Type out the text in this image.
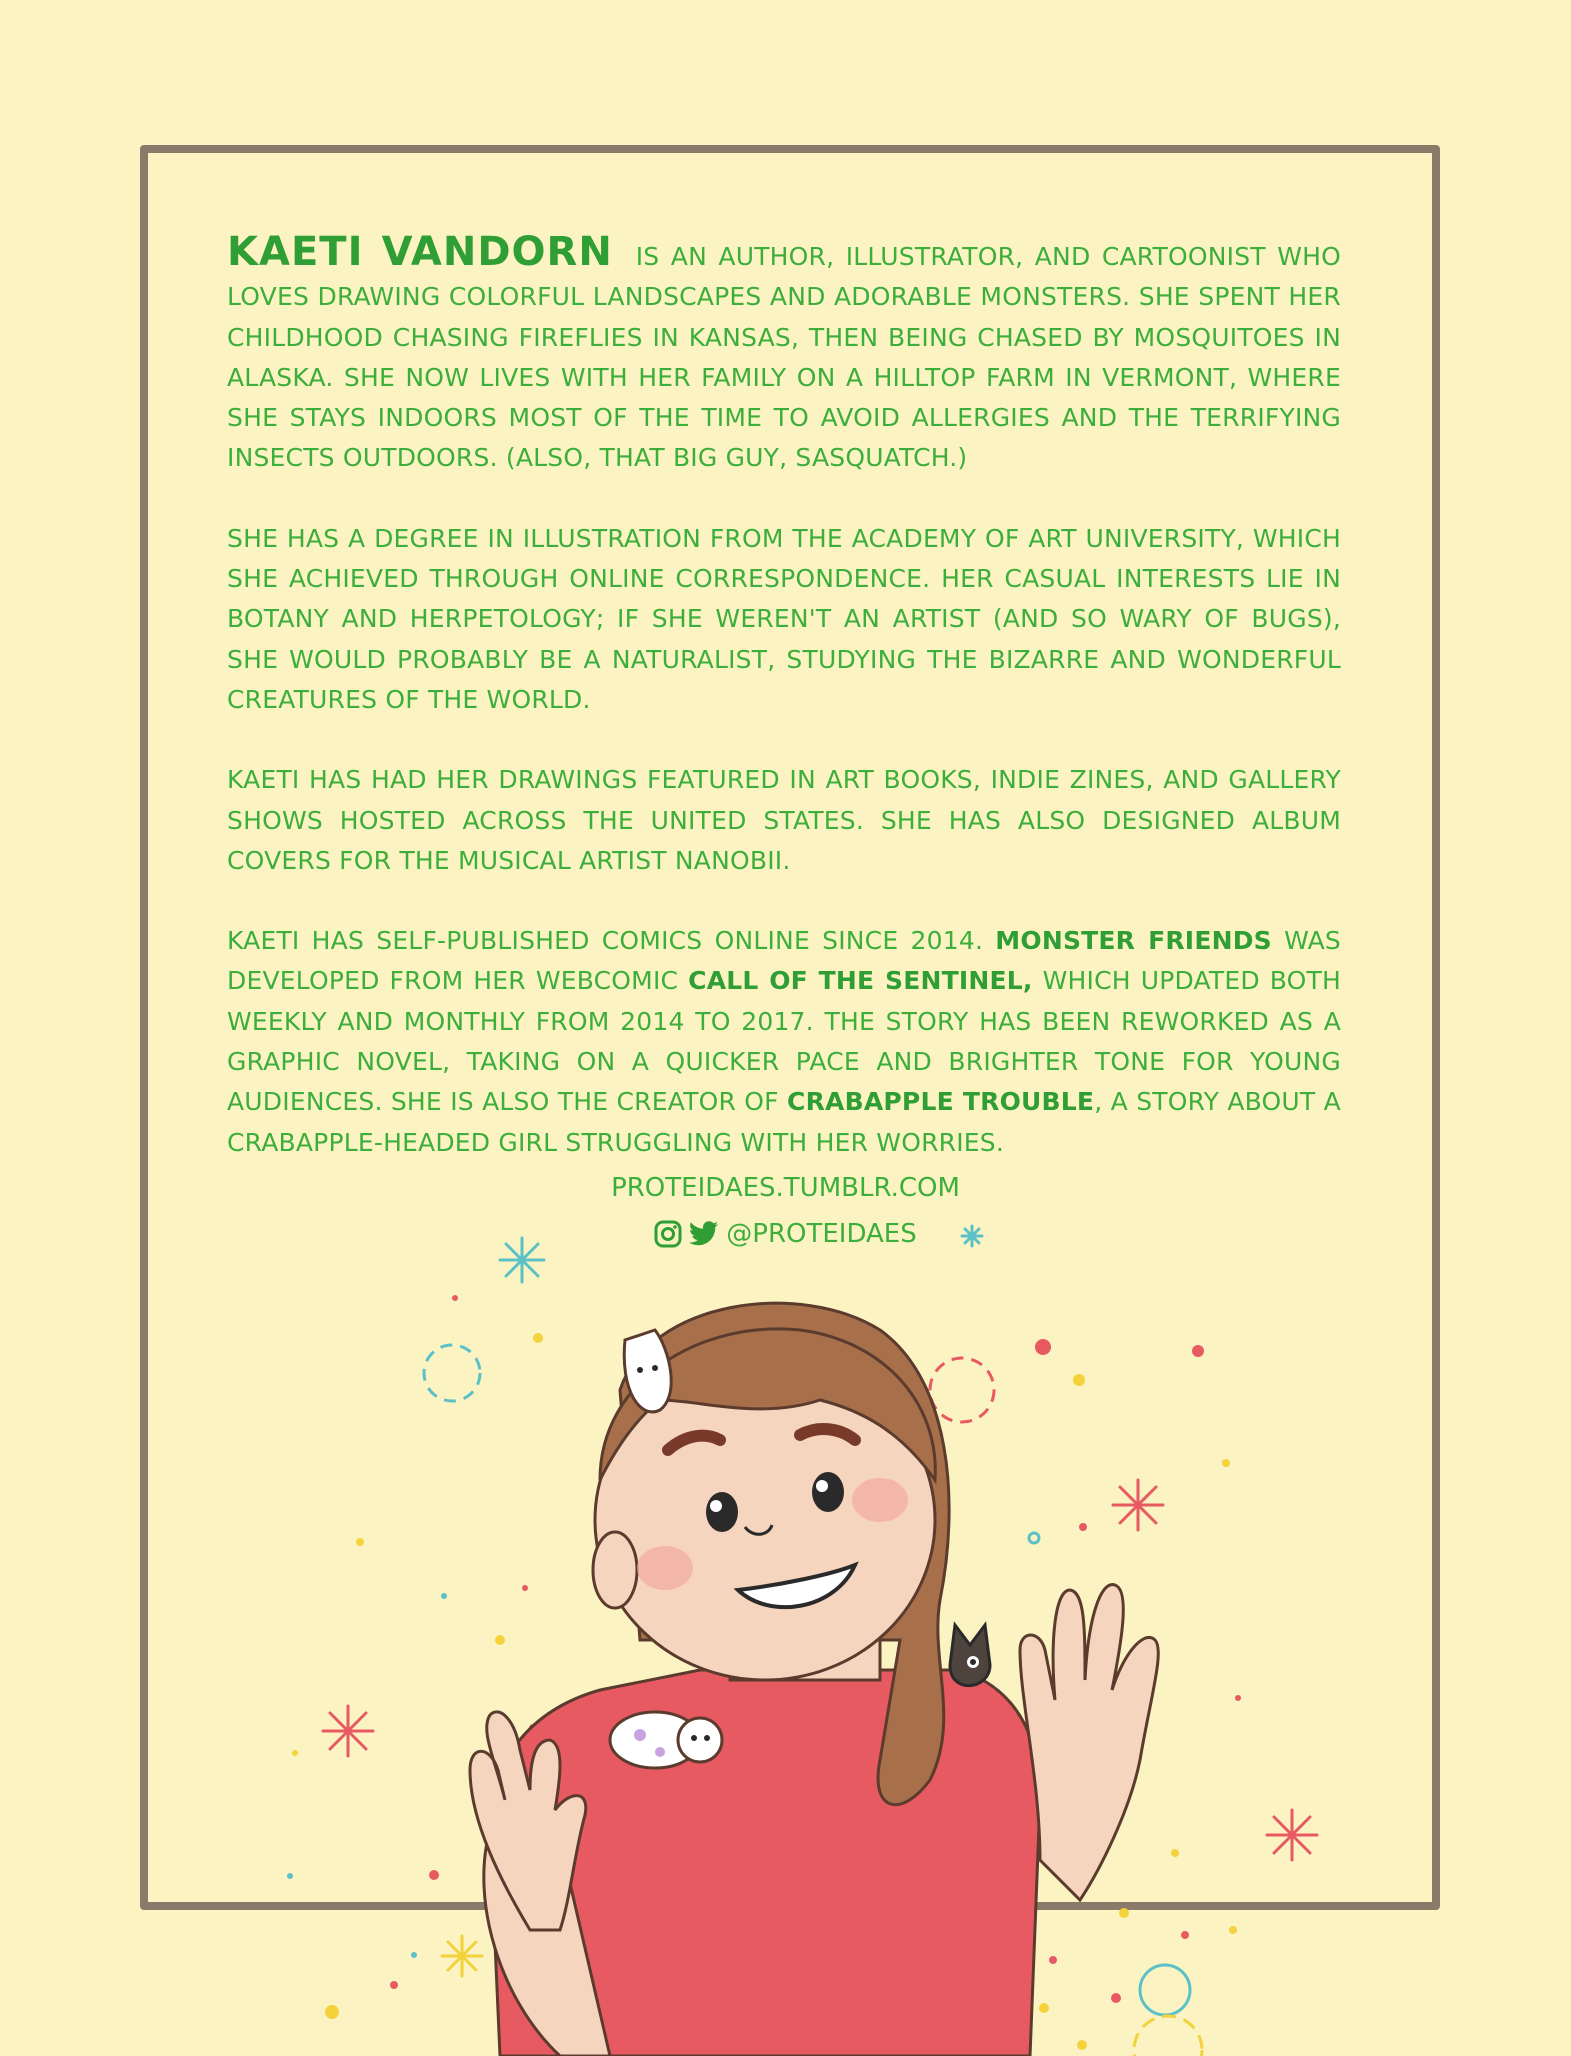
KAETI VANDORN IS AN AUTHOR, ILLUSTRATOR, AND CARTOONIST WHO LOVES DRAWING COLORFUL LANDSCAPES AND ADORABLE MONSTERS. SHE SPENT HER CHILDHOOD CHASING FIREFLIES IN KANSAS, THEN BEING CHASED BY MOSQUITOES IN ALASKA. SHE NOW LIVES WITH HER FAMILY ON A HILLTOP FARM IN VERMONT, WHERE SHE STAYS INDOORS MOST OF THE TIME TO AVOID ALLERGIES AND THE TERRIFYING INSECTS OUTDOORS. (ALSO, THAT BIG GUY, SASQUATCH.)

SHE HAS A DEGREE IN ILLUSTRATION FROM THE ACADEMY OF ART UNIVERSITY, WHICH SHE ACHIEVED THROUGH ONLINE CORRESPONDENCE. HER CASUAL INTERESTS LIE IN BOTANY AND HERPETOLOGY; IF SHE WEREN'T AN ARTIST (AND SO WARY OF BUGS), SHE WOULD PROBABLY BE A NATURALIST, STUDYING THE BIZARRE AND WONDERFUL CREATURES OF THE WORLD.

KAETI HAS HAD HER DRAWINGS FEATURED IN ART BOOKS, INDIE ZINES, AND GALLERY SHOWS HOSTED ACROSS THE UNITED STATES. SHE HAS ALSO DESIGNED ALBUM COVERS FOR THE MUSICAL ARTIST NANOBII.

KAETI HAS SELF-PUBLISHED COMICS ONLINE SINCE 2014. MONSTER FRIENDS WAS DEVELOPED FROM HER WEBCOMIC CALL OF THE SENTINEL, WHICH UPDATED BOTH WEEKLY AND MONTHLY FROM 2014 TO 2017. THE STORY HAS BEEN REWORKED AS A GRAPHIC NOVEL, TAKING ON A QUICKER PACE AND BRIGHTER TONE FOR YOUNG AUDIENCES. SHE IS ALSO THE CREATOR OF CRABAPPLE TROUBLE, A STORY ABOUT A CRABAPPLE-HEADED GIRL STRUGGLING WITH HER WORRIES.

PROTEIDAES.TUMBLR.COM
@PROTEIDAES
